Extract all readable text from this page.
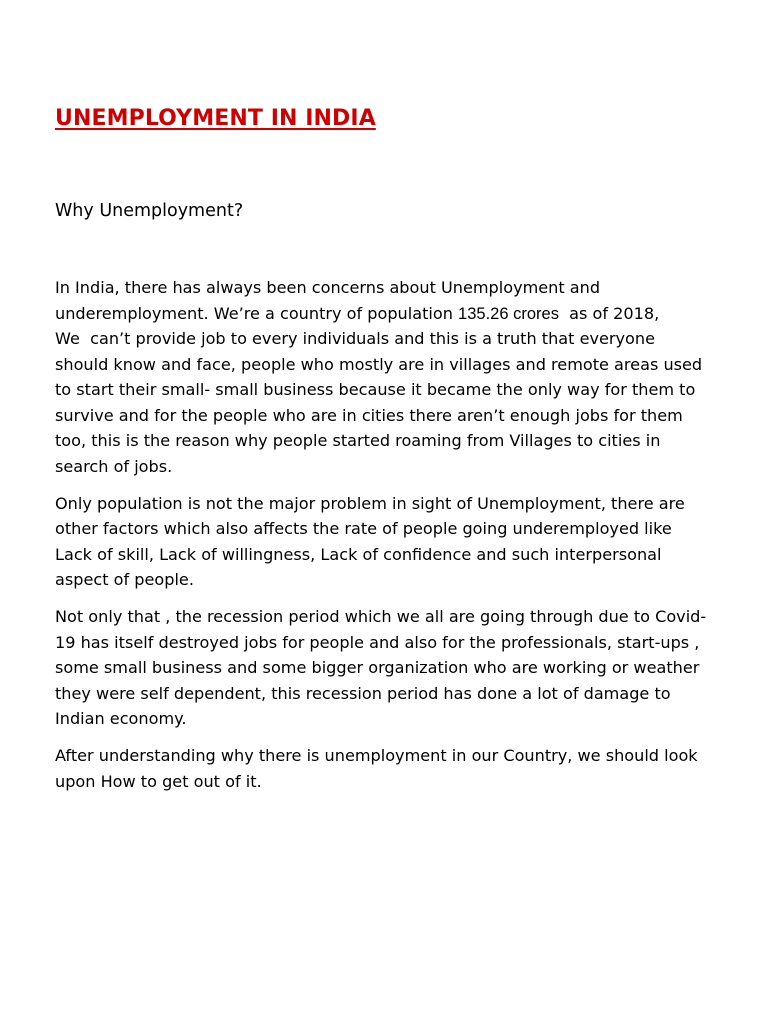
UNEMPLOYMENT IN INDIA
Why Unemployment?

In India, there has always been concerns about Unemployment and
underemployment. We’re a country of population 135.26 crores  as of 2018,
We  can’t provide job to every individuals and this is a truth that everyone
should know and face, people who mostly are in villages and remote areas used
to start their small- small business because it became the only way for them to
survive and for the people who are in cities there aren’t enough jobs for them
too, this is the reason why people started roaming from Villages to cities in
search of jobs.

Only population is not the major problem in sight of Unemployment, there are
other factors which also affects the rate of people going underemployed like
Lack of skill, Lack of willingness, Lack of confidence and such interpersonal
aspect of people.

Not only that , the recession period which we all are going through due to Covid-
19 has itself destroyed jobs for people and also for the professionals, start-ups ,
some small business and some bigger organization who are working or weather
they were self dependent, this recession period has done a lot of damage to
Indian economy.

After understanding why there is unemployment in our Country, we should look
upon How to get out of it.
